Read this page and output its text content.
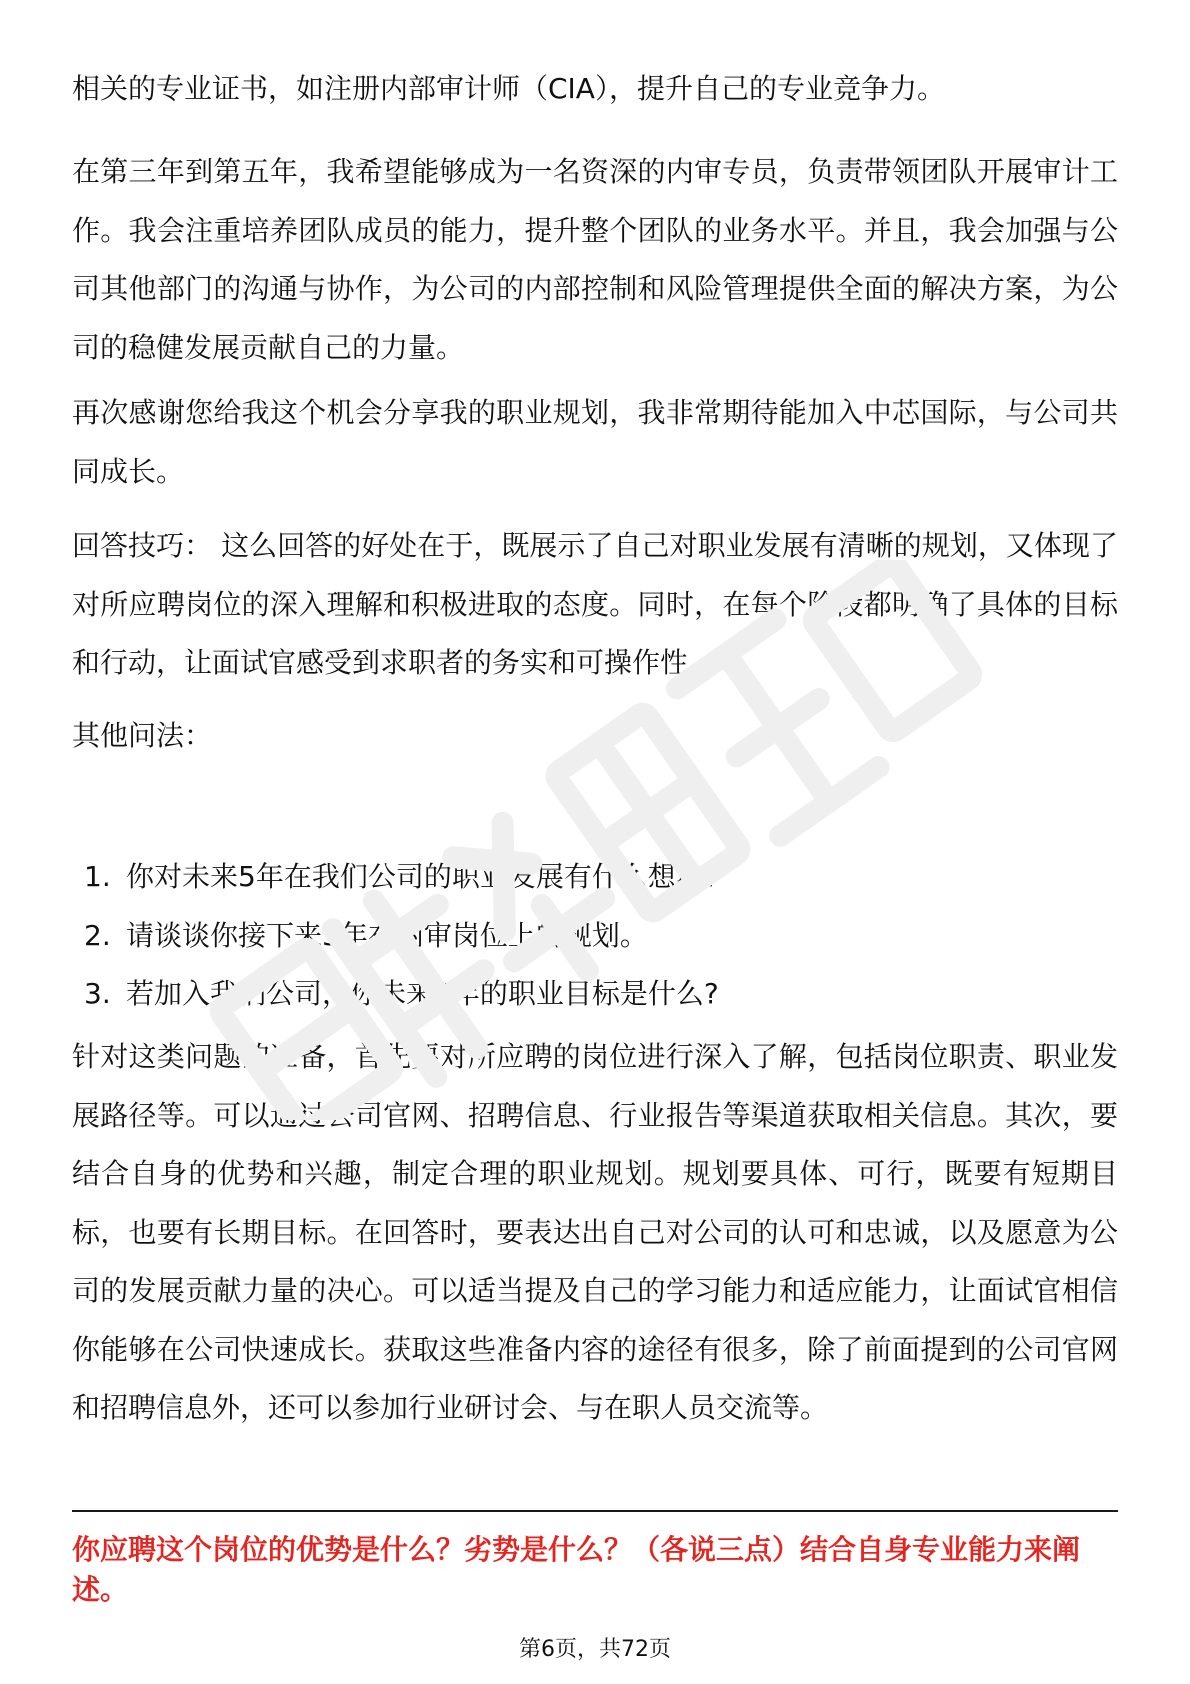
相关的专业证书，如注册内部审计师（CIA），提升自己的专业竞争力。

在第三年到第五年，我希望能够成为一名资深的内审专员，负责带领团队开展审计工作。我会注重培养团队成员的能力，提升整个团队的业务水平。并且，我会加强与公司其他部门的沟通与协作，为公司的内部控制和风险管理提供全面的解决方案，为公司的稳健发展贡献自己的力量。

再次感谢您给我这个机会分享我的职业规划，我非常期待能加入中芯国际，与公司共同成长。

回答技巧： 这么回答的好处在于，既展示了自己对职业发展有清晰的规划，又体现了对所应聘岗位的深入理解和积极进取的态度。同时，在每个阶段都明确了具体的目标和行动，让面试官感受到求职者的务实和可操作性。

其他问法：

1. 你对未来5年在我们公司的职业发展有什么想法?
2. 请谈谈你接下来5年在内审岗位上的规划。
3. 若加入我们公司，你未来5年的职业目标是什么?

针对这类问题的准备，首先要对所应聘的岗位进行深入了解，包括岗位职责、职业发展路径等。可以通过公司官网、招聘信息、行业报告等渠道获取相关信息。其次，要结合自身的优势和兴趣，制定合理的职业规划。规划要具体、可行，既要有短期目标，也要有长期目标。在回答时，要表达出自己对公司的认可和忠诚，以及愿意为公司的发展贡献力量的决心。可以适当提及自己的学习能力和适应能力，让面试官相信你能够在公司快速成长。获取这些准备内容的途径有很多，除了前面提到的公司官网和招聘信息外，还可以参加行业研讨会、与在职人员交流等。

你应聘这个岗位的优势是什么？劣势是什么？（各说三点）结合自身专业能力来阐述。

第6页，共72页
